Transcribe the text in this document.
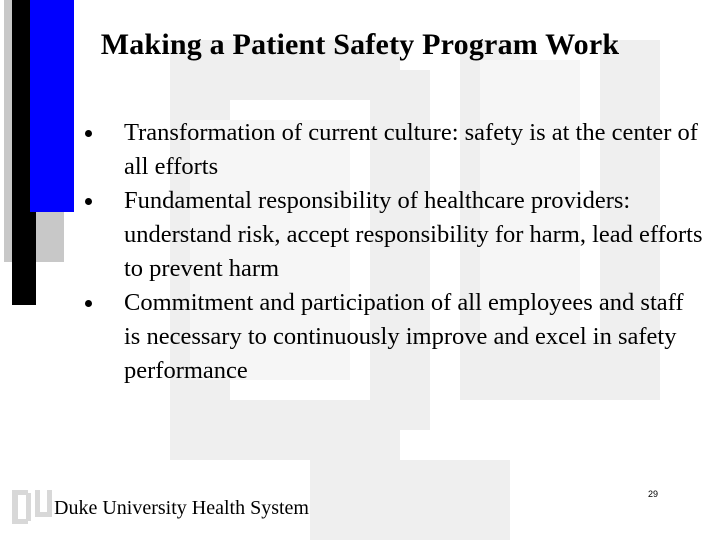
Making a Patient Safety Program Work
Transformation of current culture: safety is at the center of all efforts
Fundamental responsibility of healthcare providers: understand risk, accept responsibility for harm, lead efforts to prevent harm
Commitment and participation of all employees and staff is necessary to continuously improve and excel in safety performance
Duke University Health System
29
